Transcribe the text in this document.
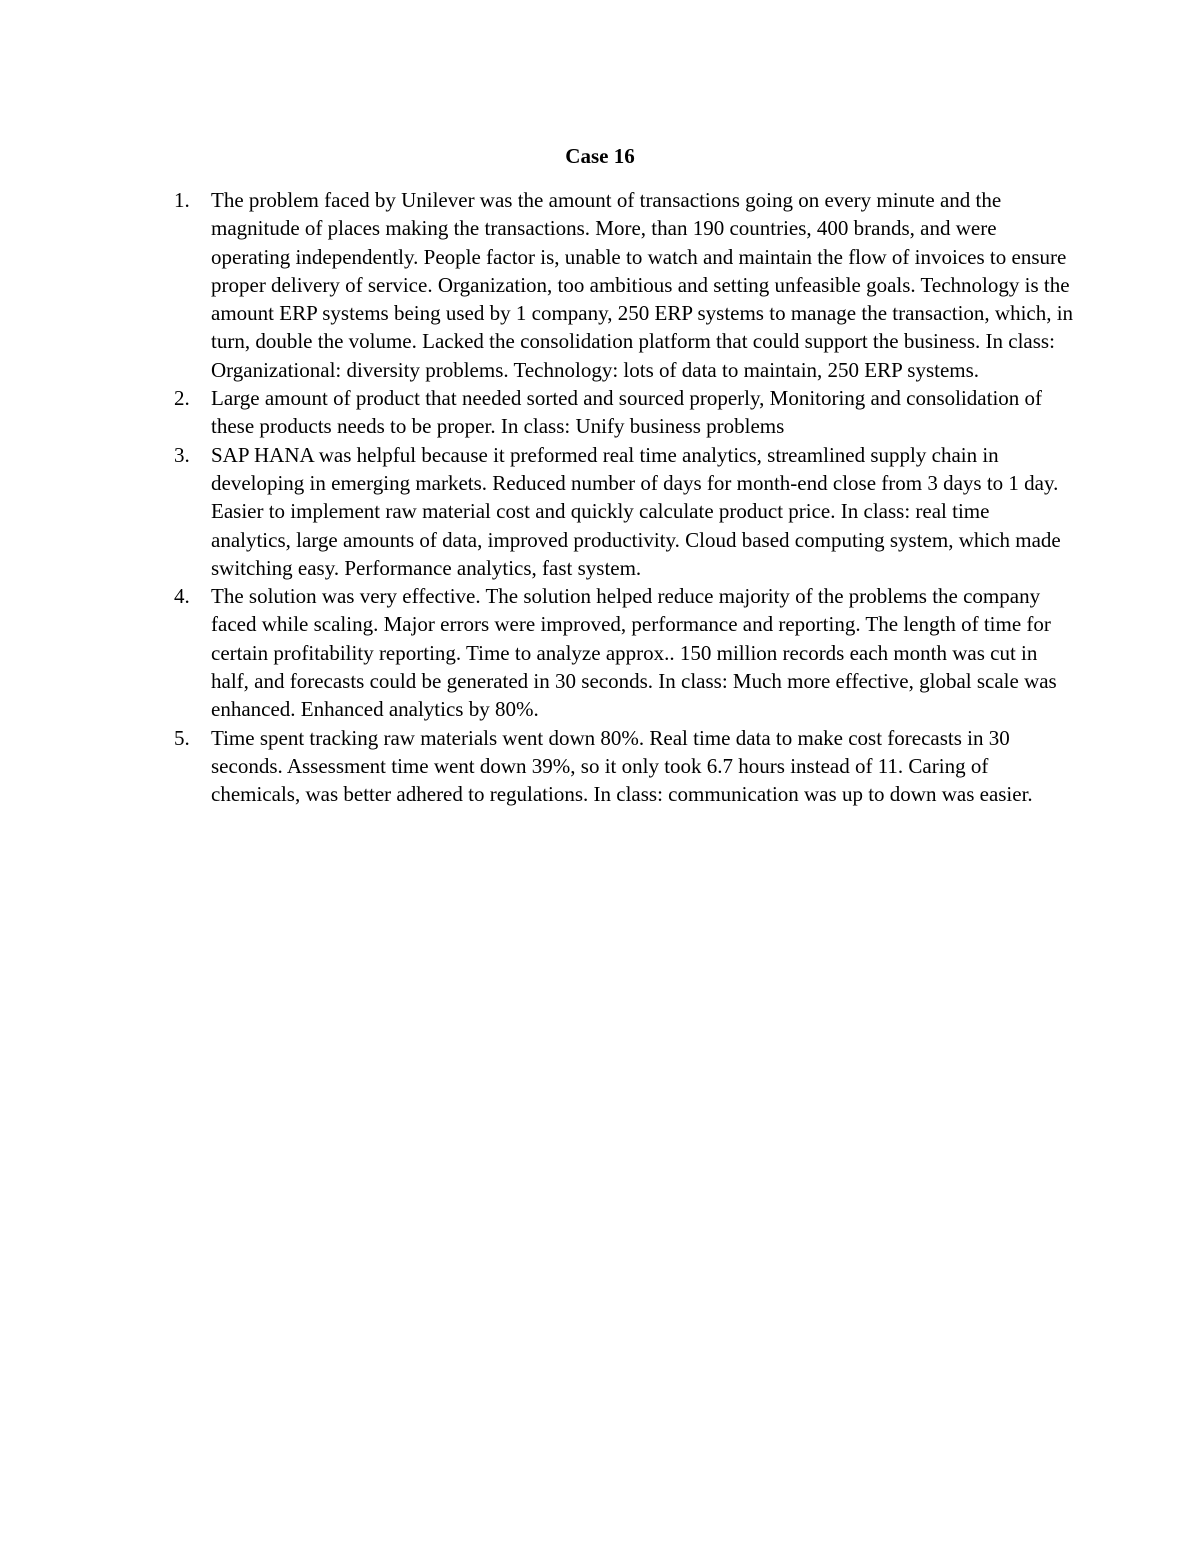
Case 16
1. The problem faced by Unilever was the amount of transactions going on every minute and the magnitude of places making the transactions. More, than 190 countries, 400 brands, and were operating independently. People factor is, unable to watch and maintain the flow of invoices to ensure proper delivery of service. Organization, too ambitious and setting unfeasible goals. Technology is the amount ERP systems being used by 1 company, 250 ERP systems to manage the transaction, which, in turn, double the volume. Lacked the consolidation platform that could support the business. In class: Organizational: diversity problems. Technology: lots of data to maintain, 250 ERP systems.
2. Large amount of product that needed sorted and sourced properly, Monitoring and consolidation of these products needs to be proper. In class: Unify business problems
3. SAP HANA was helpful because it preformed real time analytics, streamlined supply chain in developing in emerging markets. Reduced number of days for month-end close from 3 days to 1 day. Easier to implement raw material cost and quickly calculate product price. In class: real time analytics, large amounts of data, improved productivity. Cloud based computing system, which made switching easy. Performance analytics, fast system.
4. The solution was very effective. The solution helped reduce majority of the problems the company faced while scaling. Major errors were improved, performance and reporting. The length of time for certain profitability reporting. Time to analyze approx.. 150 million records each month was cut in half, and forecasts could be generated in 30 seconds. In class: Much more effective, global scale was enhanced. Enhanced analytics by 80%.
5. Time spent tracking raw materials went down 80%. Real time data to make cost forecasts in 30 seconds. Assessment time went down 39%, so it only took 6.7 hours instead of 11. Caring of chemicals, was better adhered to regulations. In class: communication was up to down was easier.
